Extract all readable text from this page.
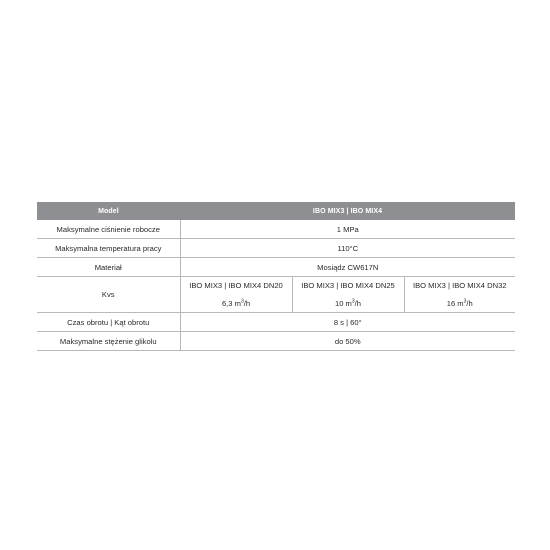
Model	IBO MIX3 | IBO MIX4		
Maksymalne ciśnienie robocze	1 MPa		
Maksymalna temperatura pracy	110°C		
Materiał	Mosiądz CW617N		
Kvs	IBO MIX3 | IBO MIX4 DN20	IBO MIX3 | IBO MIX4 DN25	IBO MIX3 | IBO MIX4 DN32
	6,3 $m^3/h$	10 $m^3/h$	16 $m^3/h$
Czas obrotu | Kąt obrotu	8 s | 60°		
Maksymalne stężenie glikolu	do 50%		
